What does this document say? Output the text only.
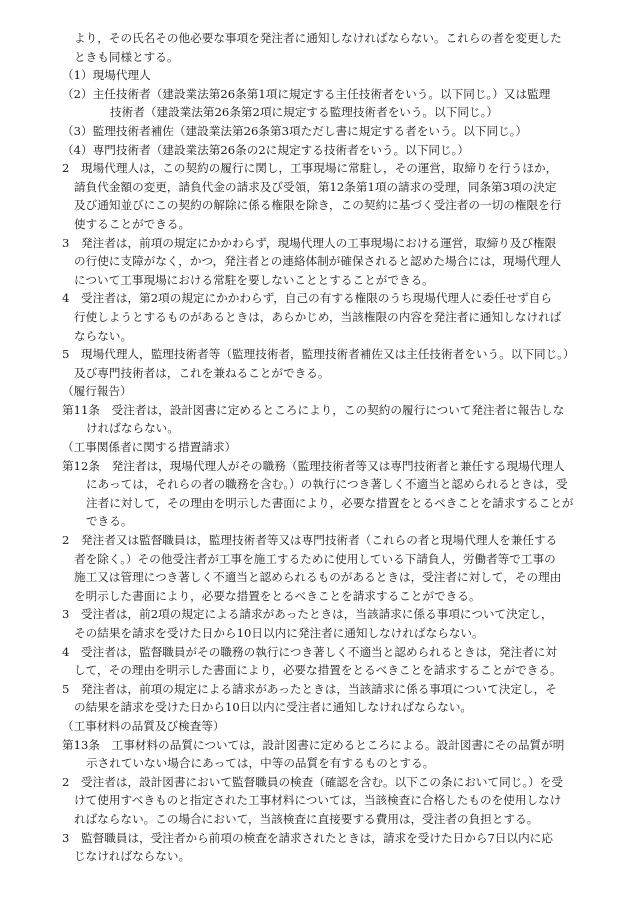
より，その氏名その他必要な事項を発注者に通知しなければならない。これらの者を変更した
ときも同様とする。
（1）現場代理人
（2）主任技術者（建設業法第26条第1項に規定する主任技術者をいう。以下同じ。）又は監理
技術者（建設業法第26条第2項に規定する監理技術者をいう。以下同じ。）
（3）監理技術者補佐（建設業法第26条第3項ただし書に規定する者をいう。以下同じ。）
（4）専門技術者（建設業法第26条の2に規定する技術者をいう。以下同じ。）
2　現場代理人は，この契約の履行に関し，工事現場に常駐し，その運営，取締りを行うほか，
請負代金額の変更，請負代金の請求及び受領，第12条第1項の請求の受理，同条第3項の決定
及び通知並びにこの契約の解除に係る権限を除き，この契約に基づく受注者の一切の権限を行
使することができる。
3　発注者は，前項の規定にかかわらず，現場代理人の工事現場における運営，取締り及び権限
の行使に支障がなく，かつ，発注者との連絡体制が確保されると認めた場合には，現場代理人
について工事現場における常駐を要しないこととすることができる。
4　受注者は，第2項の規定にかかわらず，自己の有する権限のうち現場代理人に委任せず自ら
行使しようとするものがあるときは，あらかじめ，当該権限の内容を発注者に通知しなければ
ならない。
5　現場代理人，監理技術者等（監理技術者，監理技術者補佐又は主任技術者をいう。以下同じ。）
及び専門技術者は，これを兼ねることができる。
（履行報告）
第11条　受注者は，設計図書に定めるところにより，この契約の履行について発注者に報告しな
ければならない。
（工事関係者に関する措置請求）
第12条　発注者は，現場代理人がその職務（監理技術者等又は専門技術者と兼任する現場代理人
にあっては，それらの者の職務を含む。）の執行につき著しく不適当と認められるときは，受
注者に対して，その理由を明示した書面により，必要な措置をとるべきことを請求することが
できる。
2　発注者又は監督職員は，監理技術者等又は専門技術者（これらの者と現場代理人を兼任する
者を除く。）その他受注者が工事を施工するために使用している下請負人，労働者等で工事の
施工又は管理につき著しく不適当と認められるものがあるときは，受注者に対して，その理由
を明示した書面により，必要な措置をとるべきことを請求することができる。
3　受注者は，前2項の規定による請求があったときは，当該請求に係る事項について決定し，
その結果を請求を受けた日から10日以内に発注者に通知しなければならない。
4　受注者は，監督職員がその職務の執行につき著しく不適当と認められるときは，発注者に対
して，その理由を明示した書面により，必要な措置をとるべきことを請求することができる。
5　発注者は，前項の規定による請求があったときは，当該請求に係る事項について決定し，そ
の結果を請求を受けた日から10日以内に受注者に通知しなければならない。
（工事材料の品質及び検査等）
第13条　工事材料の品質については，設計図書に定めるところによる。設計図書にその品質が明
示されていない場合にあっては，中等の品質を有するものとする。
2　受注者は，設計図書において監督職員の検査（確認を含む。以下この条において同じ。）を受
けて使用すべきものと指定された工事材料については，当該検査に合格したものを使用しなけ
ればならない。この場合において，当該検査に直接要する費用は，受注者の負担とする。
3　監督職員は，受注者から前項の検査を請求されたときは，請求を受けた日から7日以内に応
じなければならない。
